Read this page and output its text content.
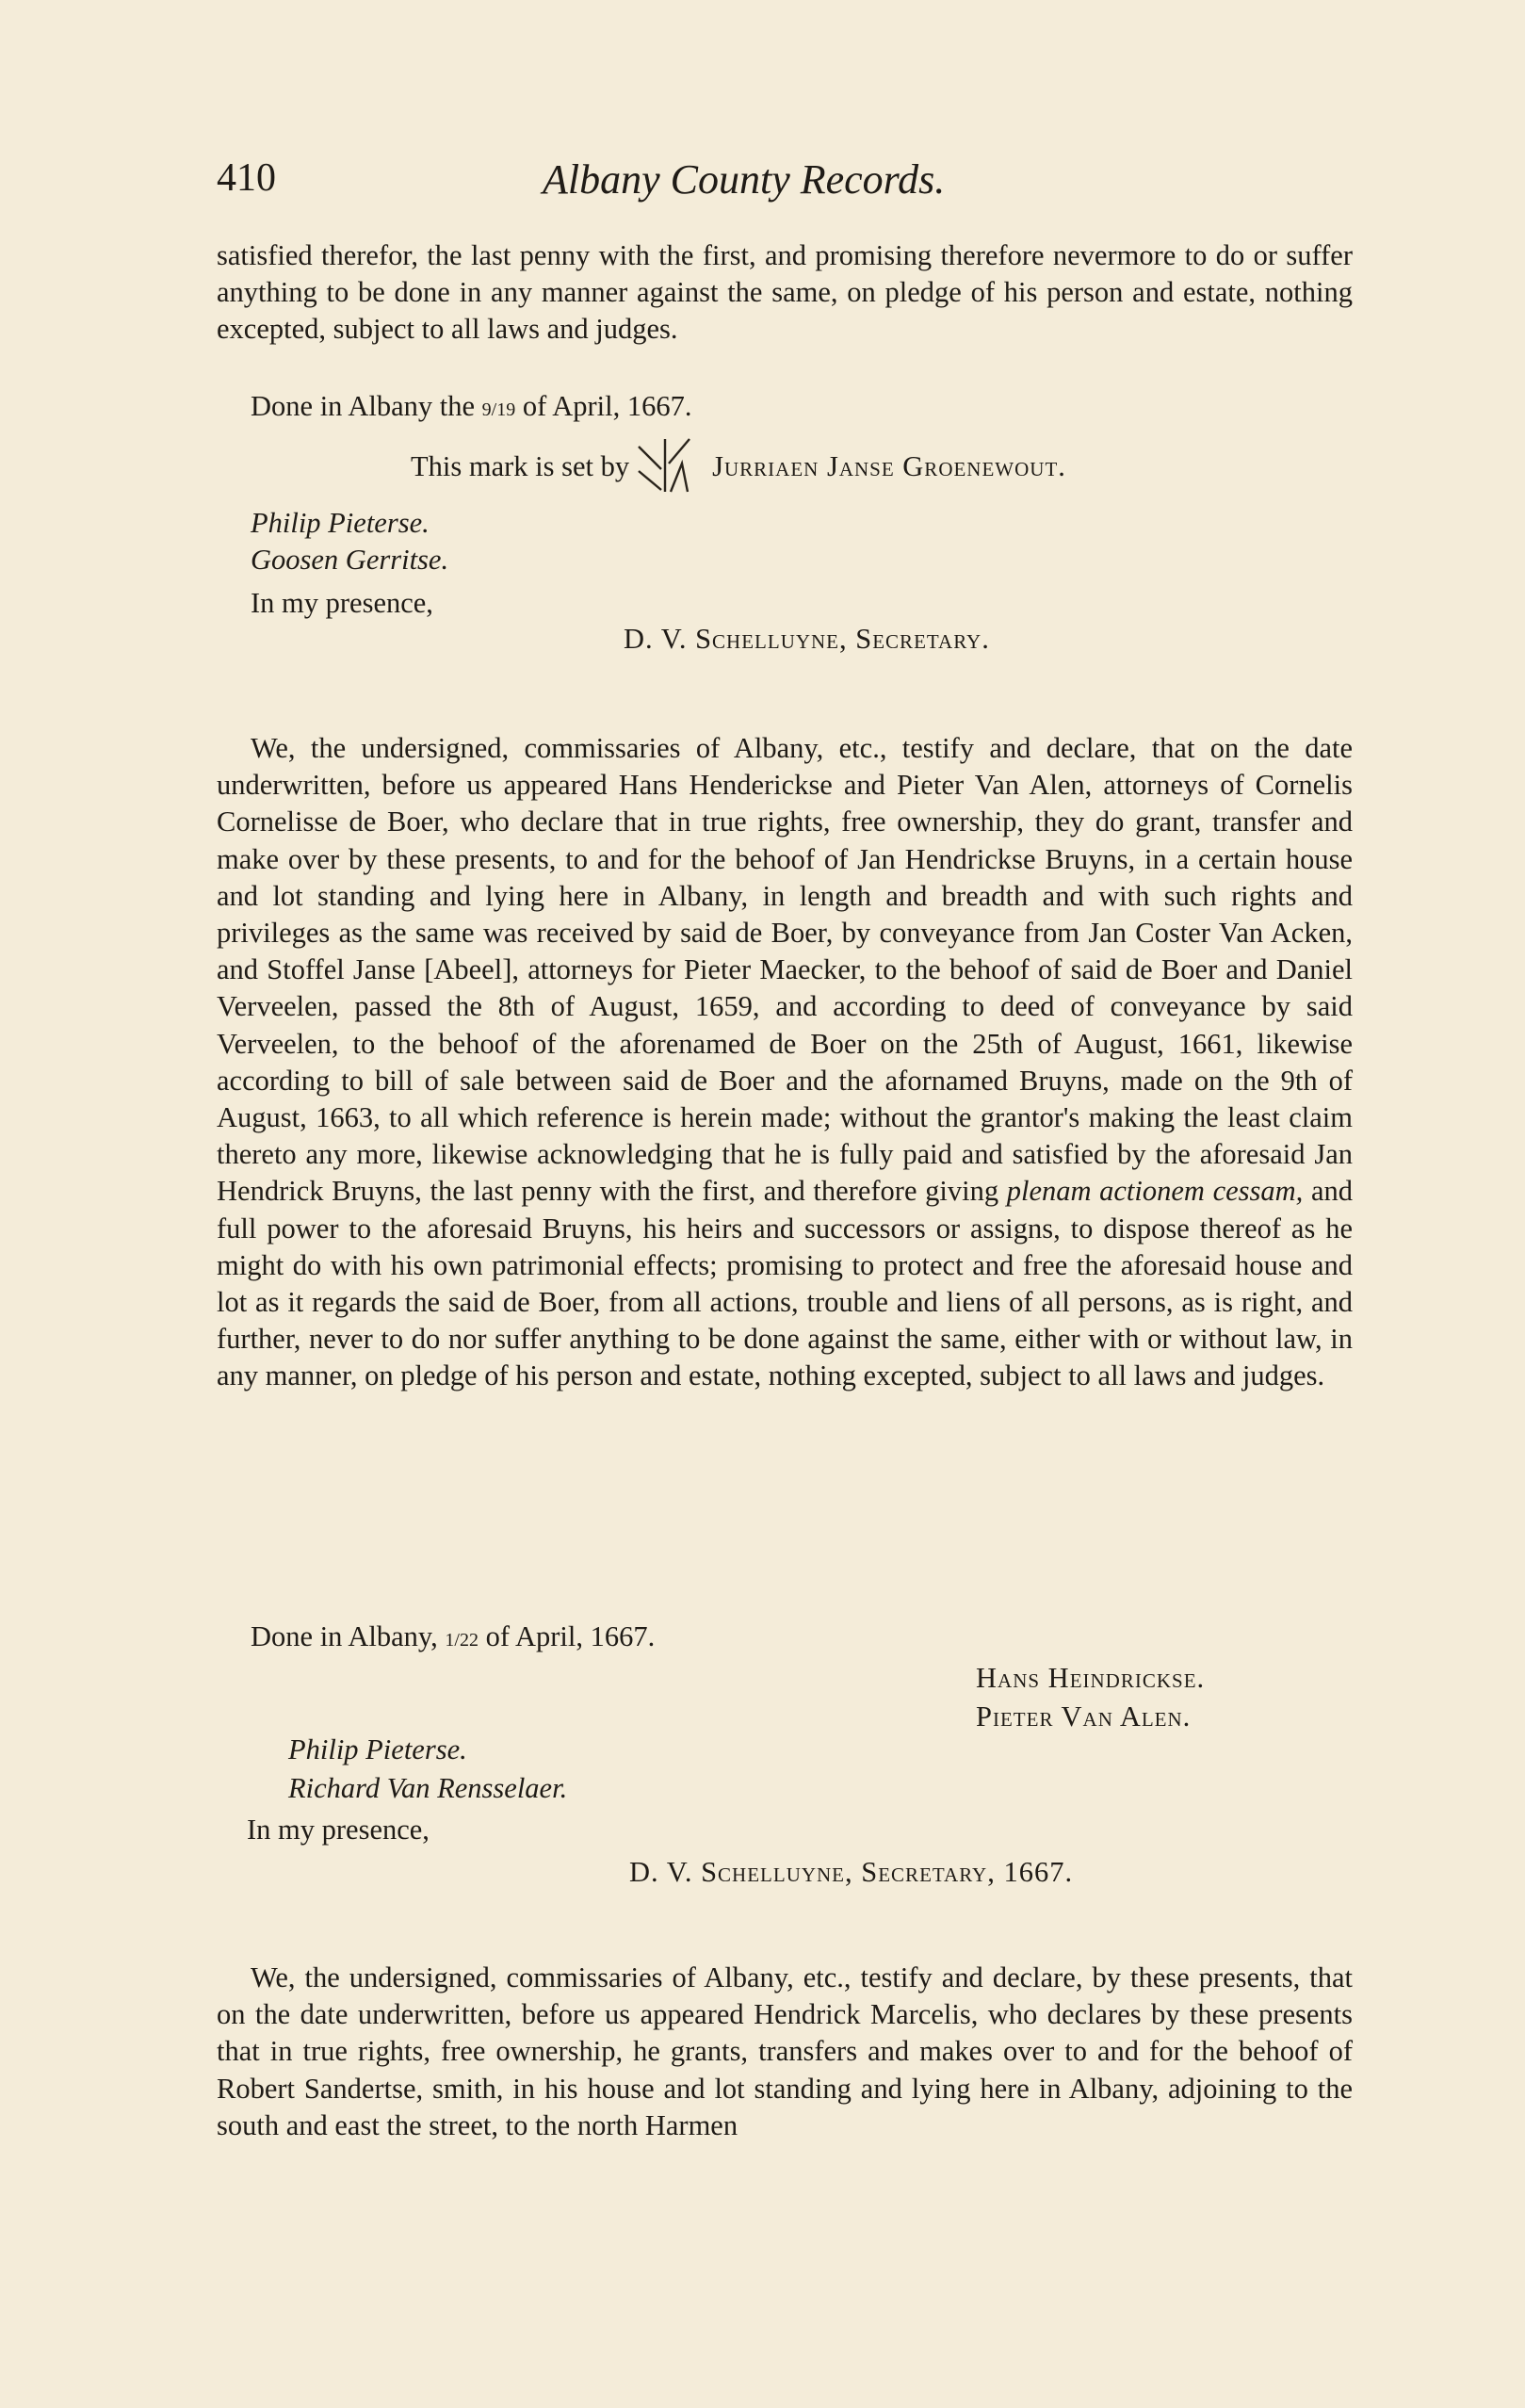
410	Albany County Records.

satisfied therefor, the last penny with the first, and promising therefore nevermore to do or suffer anything to be done in any manner against the same, on pledge of his person and estate, nothing excepted, subject to all laws and judges.

Done in Albany the 9/19 of April, 1667.
This mark is set by	Jurriaen Janse Groenewout.
Philip Pieterse.
Goosen Gerritse.
In my presence,
D. V. Schelluyne, Secretary.

We, the undersigned, commissaries of Albany, etc., testify and declare, that on the date underwritten, before us appeared Hans Henderickse and Pieter Van Alen, attorneys of Cornelis Cornelisse de Boer, who declare that in true rights, free ownership, they do grant, transfer and make over by these presents, to and for the behoof of Jan Hendrickse Bruyns, in a certain house and lot standing and lying here in Albany, in length and breadth and with such rights and privileges as the same was received by said de Boer, by conveyance from Jan Coster Van Acken, and Stoffel Janse [Abeel], attorneys for Pieter Maecker, to the behoof of said de Boer and Daniel Verveelen, passed the 8th of August, 1659, and according to deed of conveyance by said Verveelen, to the behoof of the aforenamed de Boer on the 25th of August, 1661, likewise according to bill of sale between said de Boer and the afornamed Bruyns, made on the 9th of August, 1663, to all which reference is herein made; without the grantor's making the least claim thereto any more, likewise acknowledging that he is fully paid and satisfied by the aforesaid Jan Hendrick Bruyns, the last penny with the first, and therefore giving plenam actionem cessam, and full power to the aforesaid Bruyns, his heirs and successors or assigns, to dispose thereof as he might do with his own patrimonial effects; promising to protect and free the aforesaid house and lot as it regards the said de Boer, from all actions, trouble and liens of all persons, as is right, and further, never to do nor suffer anything to be done against the same, either with or without law, in any manner, on pledge of his person and estate, nothing excepted, subject to all laws and judges.

Done in Albany, 1/22 of April, 1667.
Hans Heindrickse.
Pieter Van Alen.
Philip Pieterse.
Richard Van Rensselaer.
In my presence,
D. V. Schelluyne, Secretary, 1667.

We, the undersigned, commissaries of Albany, etc., testify and declare, by these presents, that on the date underwritten, before us appeared Hendrick Marcelis, who declares by these presents that in true rights, free ownership, he grants, transfers and makes over to and for the behoof of Robert Sandertse, smith, in his house and lot standing and lying here in Albany, adjoining to the south and east the street, to the north Harmen
